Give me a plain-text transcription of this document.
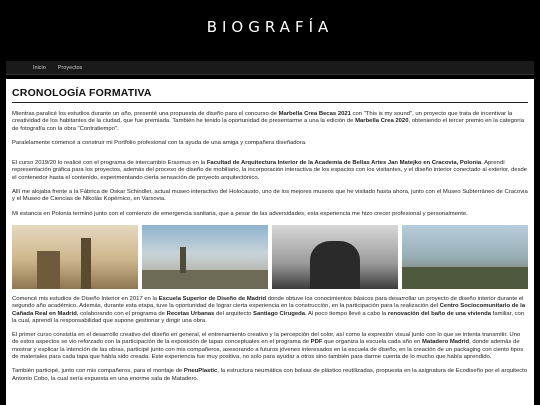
BIOGRAFÍA
Inicio	Proyectos
CRONOLOGÍA FORMATIVA

Mientras paralicé los estudios durante un año, presenté una propuesta de diseño para el concurso de Marbella Crea Becas 2021 con "This is my sound", un proyecto que trata de incentivar la creatividad de los habitantes de la ciudad, que fue premiada. También he tenido la oportunidad de presentarme a una la edición de Marbella Crea 2020, obteniendo el tercer premio en la categoría de fotografía con la obra "Contratiempo".

Paralelamente comencé a construir mi Portfolio profesional con la ayuda de una amiga y compañera diseñadora.

El curso 2019/20 lo realicé con el programa de intercambio Erasmus en la Facultad de Arquitectura Interior de la Academia de Bellas Artes Jan Matejko en Cracovia, Polonia. Aprendí representación gráfica para los proyectos, además del proceso de diseño de mobiliario, la incorporación interactiva de los espacios con los visitantes, y el diseño interior conectado al exterior, desde el contenedor hasta el contenido, experimentando cierta sensación de proyecto arquitectónico.

Allí me alojaba frente a la Fábrica de Oskar Schindler, actual museo interactivo del Holocausto, uno de los mejores museos que he visitado hasta ahora, junto con el Museo Subterráneo de Cracovia y el Museo de Ciencias de Nikolás Kopérnico, en Varsovia.

Mi estancia en Polonia terminó junto con el comienzo de emergencia sanitaria, que a pesar de las adversidades, esta experiencia me hizo crecer profesional y personalmente.

Comencé mis estudios de Diseño Interior en 2017 en la Escuela Superior de Diseño de Madrid donde obtuve los conocimientos básicos para desarrollar un proyecto de diseño interior durante el segundo año académico. Además, durante esta etapa, tuve la oportunidad de lograr cierta experiencia en la construcción, en la participación para la realización del Centro Sociocomunitario de la Cañada Real en Madrid, colaborando con el programa de Recetas Urbanas del arquitecto Santiago Cirugeda. Al poco tiempo llevé a cabo la renovación del baño de una vivienda familiar, con la cual, aprendí la responsabilidad que supone gestionar y dirigir una obra.

El primer curso consistía en el desarrollo creativo del diseño en general, el entrenamiento creativo y la percepción del color, así como la expresión visual junto con lo que se intenta transmitir. Uno de estos aspectos se vio reforzado con la participación de la exposición de tapas conceptuales en el programa de PDF que organiza la escuela cada año en Matadero Madrid, donde además de mostrar y explicar la intención de las obras, participé junto con mis compañeros, asesorando a futuros jóvenes interesados en la escuela de diseño, en la creación de un packaging con ciento tipos de materiales para cada tapa que había sido creada. Este experiencia fue muy positiva, no solo para ayudar a otros sino también para darme cuenta de lo mucho que había aprendido.

También participé, junto con mis compañeros, para el montaje de PneuPlastic, la estructura neumática con bolsas de plástico reutilizadas, propuesta en la asignatura de Ecodiseño por el arquitecto Antonio Cobo, la cual sería expuesta en una enorme sala de Matadero.
